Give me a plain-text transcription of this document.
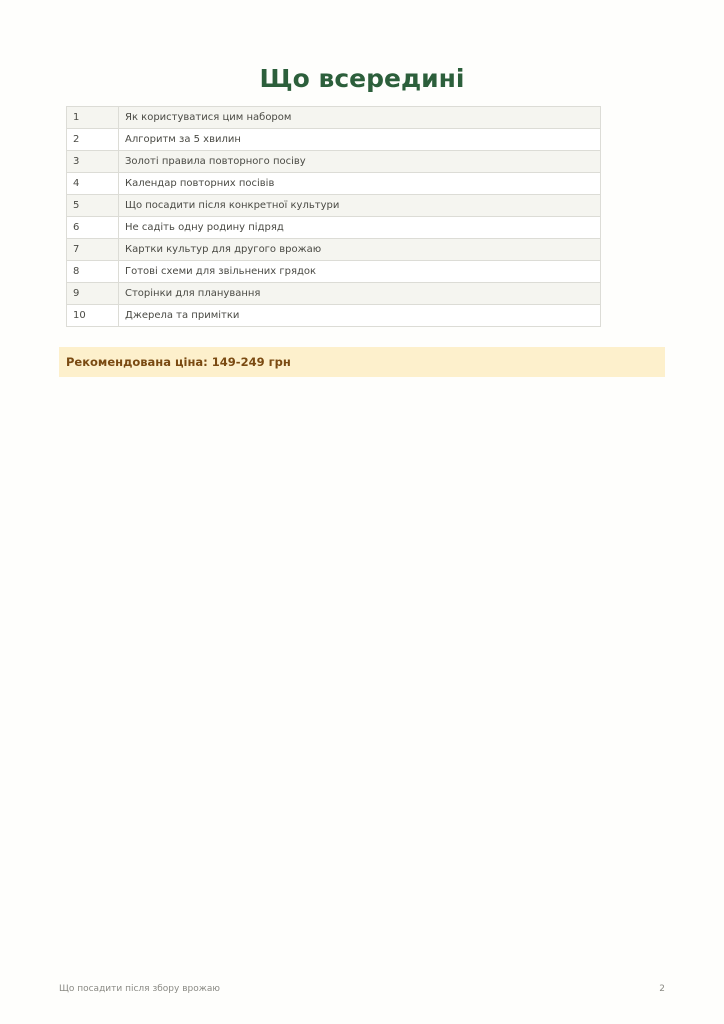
Що всередині
1	Як користуватися цим набором
2	Алгоритм за 5 хвилин
3	Золоті правила повторного посіву
4	Календар повторних посівів
5	Що посадити після конкретної культури
6	Не садіть одну родину підряд
7	Картки культур для другого врожаю
8	Готові схеми для звільнених грядок
9	Сторінки для планування
10	Джерела та примітки
Рекомендована ціна: 149-249 грн
Що посадити після збору врожаю	2
